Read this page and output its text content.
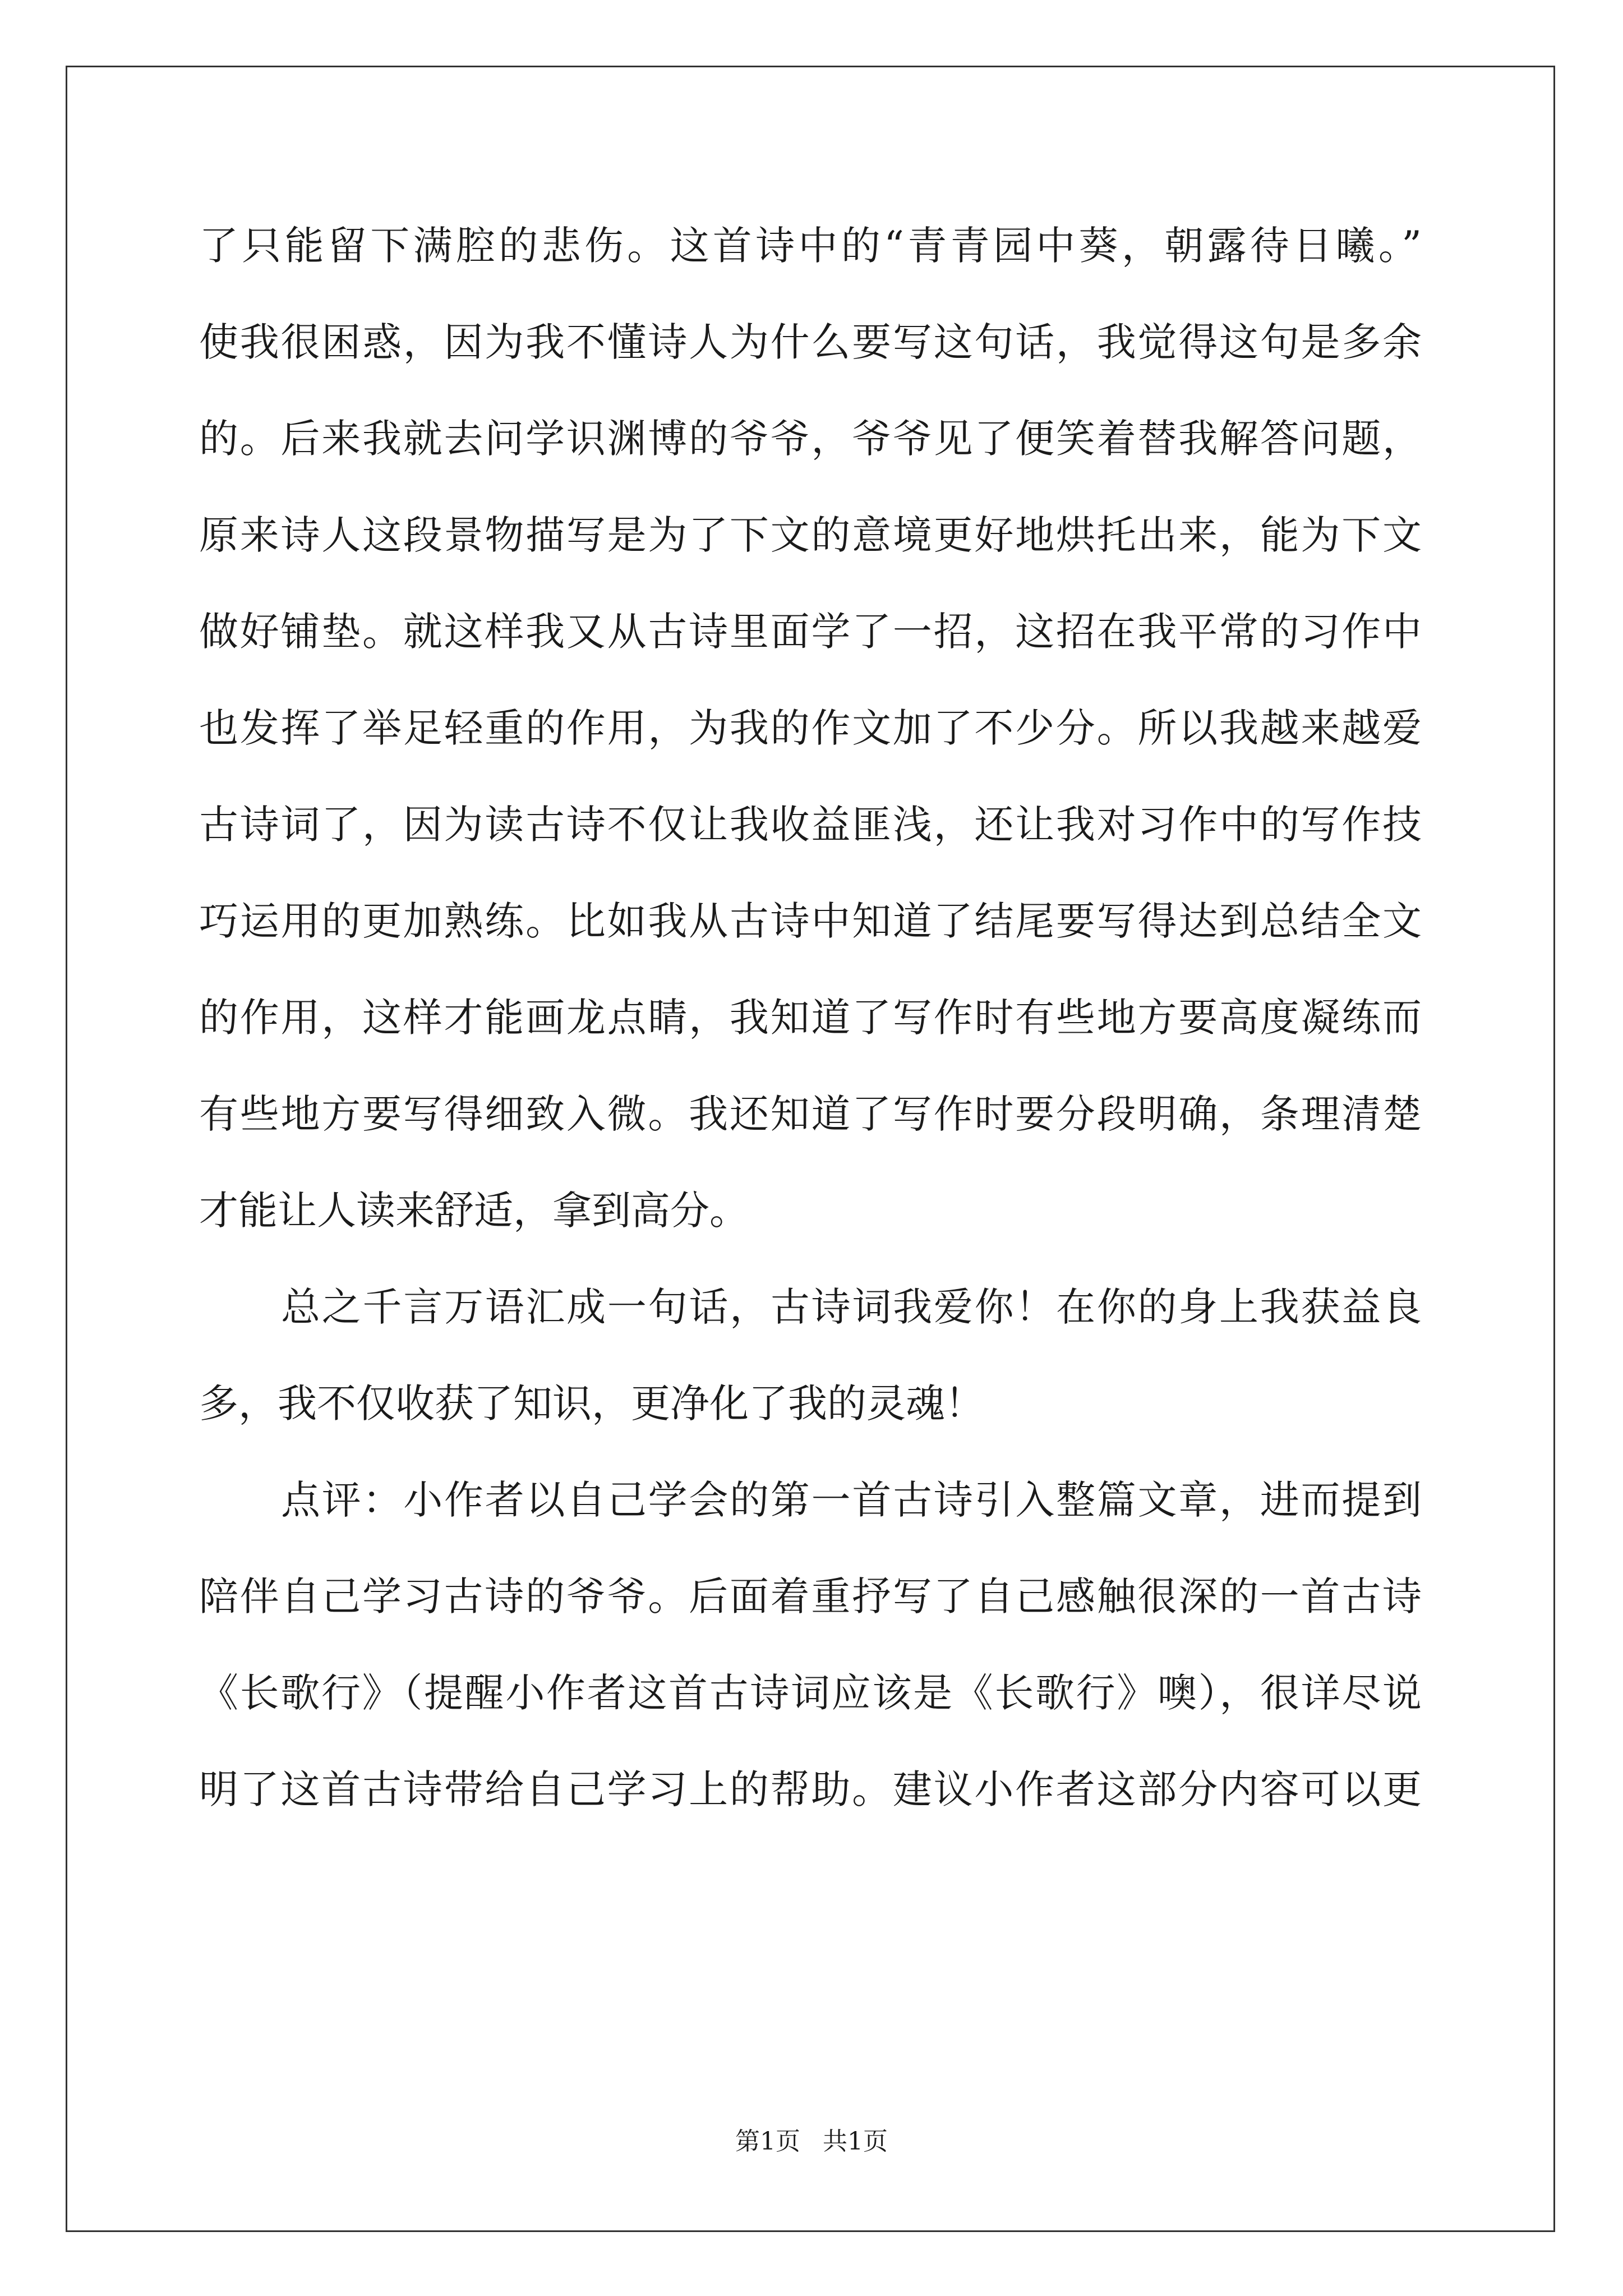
了只能留下满腔的悲伤。这首诗中的“青青园中葵，朝露待日曦。”
使我很困惑，因为我不懂诗人为什么要写这句话，我觉得这句是多余
的。后来我就去问学识渊博的爷爷，爷爷见了便笑着替我解答问题，
原来诗人这段景物描写是为了下文的意境更好地烘托出来，能为下文
做好铺垫。就这样我又从古诗里面学了一招，这招在我平常的习作中
也发挥了举足轻重的作用，为我的作文加了不少分。所以我越来越爱
古诗词了，因为读古诗不仅让我收益匪浅，还让我对习作中的写作技
巧运用的更加熟练。比如我从古诗中知道了结尾要写得达到总结全文
的作用，这样才能画龙点睛，我知道了写作时有些地方要高度凝练而
有些地方要写得细致入微。我还知道了写作时要分段明确，条理清楚
才能让人读来舒适，拿到高分。
总之千言万语汇成一句话，古诗词我爱你！在你的身上我获益良
多，我不仅收获了知识，更净化了我的灵魂！
点评：小作者以自己学会的第一首古诗引入整篇文章，进而提到
陪伴自己学习古诗的爷爷。后面着重抒写了自己感触很深的一首古诗
《长歌行》（提醒小作者这首古诗词应该是《长歌行》噢），很详尽说
明了这首古诗带给自己学习上的帮助。建议小作者这部分内容可以更
第1页 共1页
